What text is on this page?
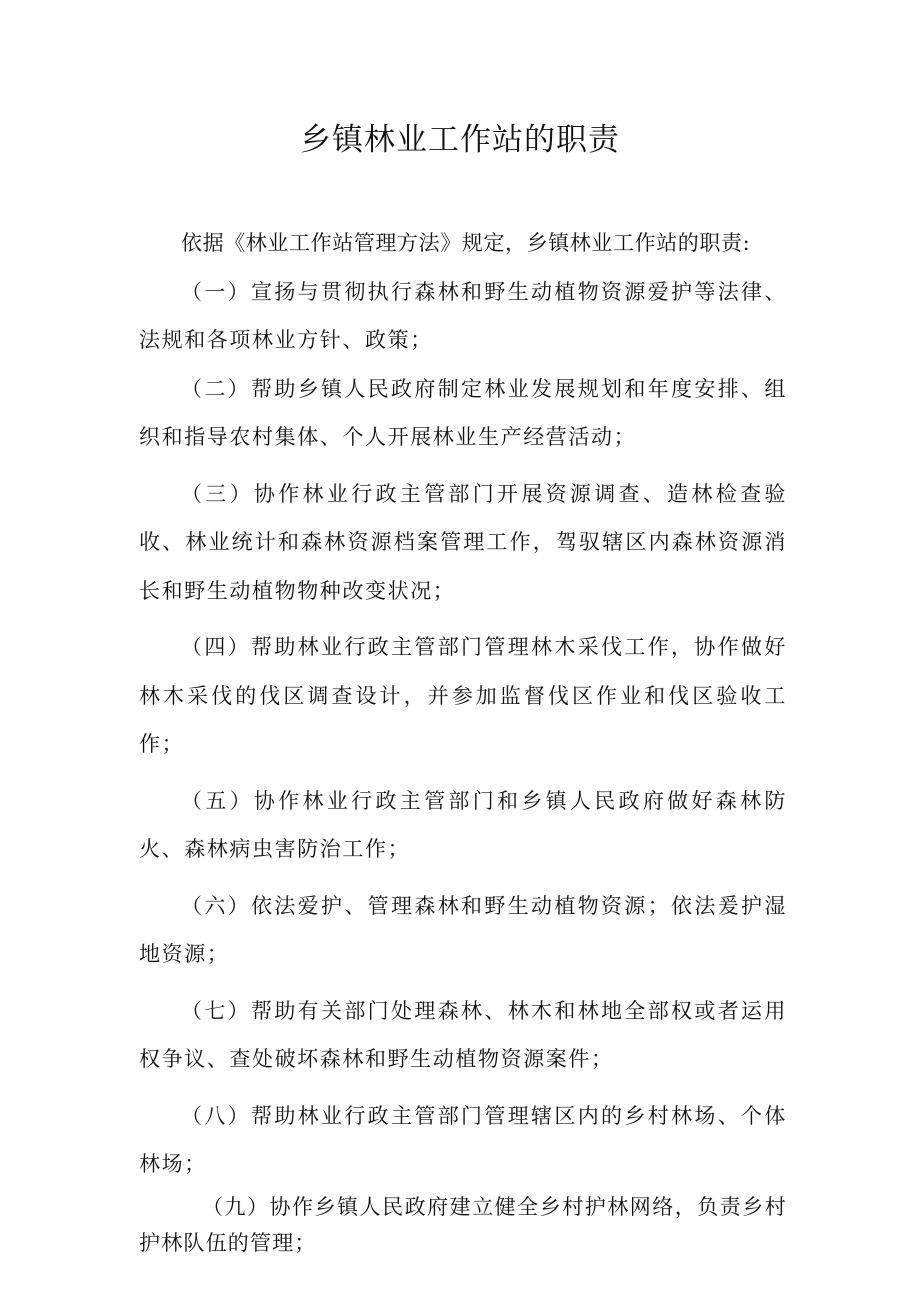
乡镇林业工作站的职责

依据《林业工作站管理方法》规定，乡镇林业工作站的职责:

（一）宣扬与贯彻执行森林和野生动植物资源爱护等法律、法规和各项林业方针、政策；

（二）帮助乡镇人民政府制定林业发展规划和年度安排、组织和指导农村集体、个人开展林业生产经营活动；

（三）协作林业行政主管部门开展资源调查、造林检查验收、林业统计和森林资源档案管理工作，驾驭辖区内森林资源消长和野生动植物物种改变状况；

（四）帮助林业行政主管部门管理林木采伐工作，协作做好林木采伐的伐区调查设计，并参加监督伐区作业和伐区验收工作；

（五）协作林业行政主管部门和乡镇人民政府做好森林防火、森林病虫害防治工作；

（六）依法爱护、管理森林和野生动植物资源；依法爰护湿地资源；

（七）帮助有关部门处理森林、林木和林地全部权或者运用权争议、查处破坏森林和野生动植物资源案件；

（八）帮助林业行政主管部门管理辖区内的乡村林场、个体林场；

（九）协作乡镇人民政府建立健全乡村护林网络，负责乡村护林队伍的管理；
